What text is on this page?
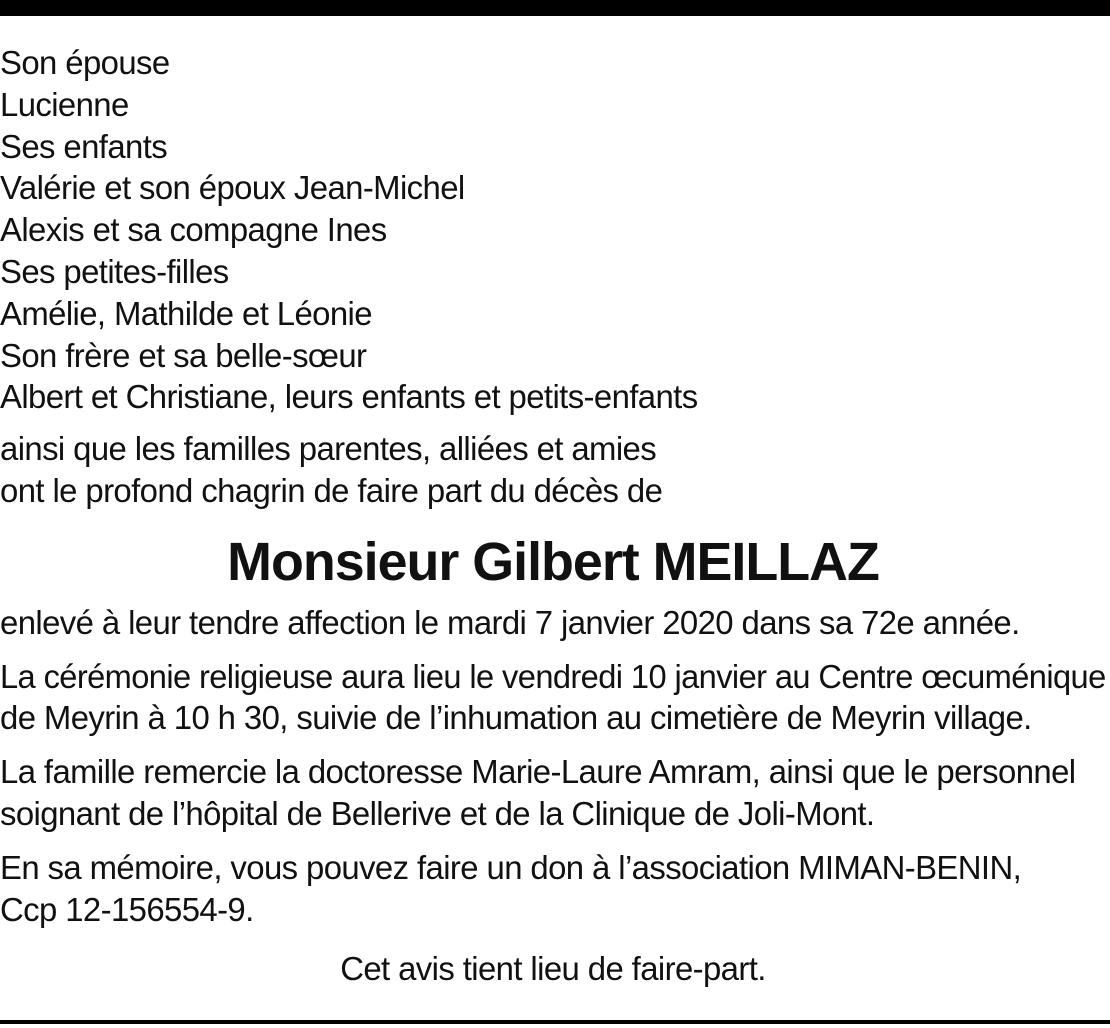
Son épouse
Lucienne
Ses enfants
Valérie et son époux Jean-Michel
Alexis et sa compagne Ines
Ses petites-filles
Amélie, Mathilde et Léonie
Son frère et sa belle-sœur
Albert et Christiane, leurs enfants et petits-enfants
ainsi que les familles parentes, alliées et amies
ont le profond chagrin de faire part du décès de
Monsieur Gilbert MEILLAZ
enlevé à leur tendre affection le mardi 7 janvier 2020 dans sa 72e année.
La cérémonie religieuse aura lieu le vendredi 10 janvier au Centre œcuménique
de Meyrin à 10 h 30, suivie de l’inhumation au cimetière de Meyrin village.
La famille remercie la doctoresse Marie-Laure Amram, ainsi que le personnel
soignant de l’hôpital de Bellerive et de la Clinique de Joli-Mont.
En sa mémoire, vous pouvez faire un don à l’association MIMAN-BENIN,
Ccp 12-156554-9.
Cet avis tient lieu de faire-part.
